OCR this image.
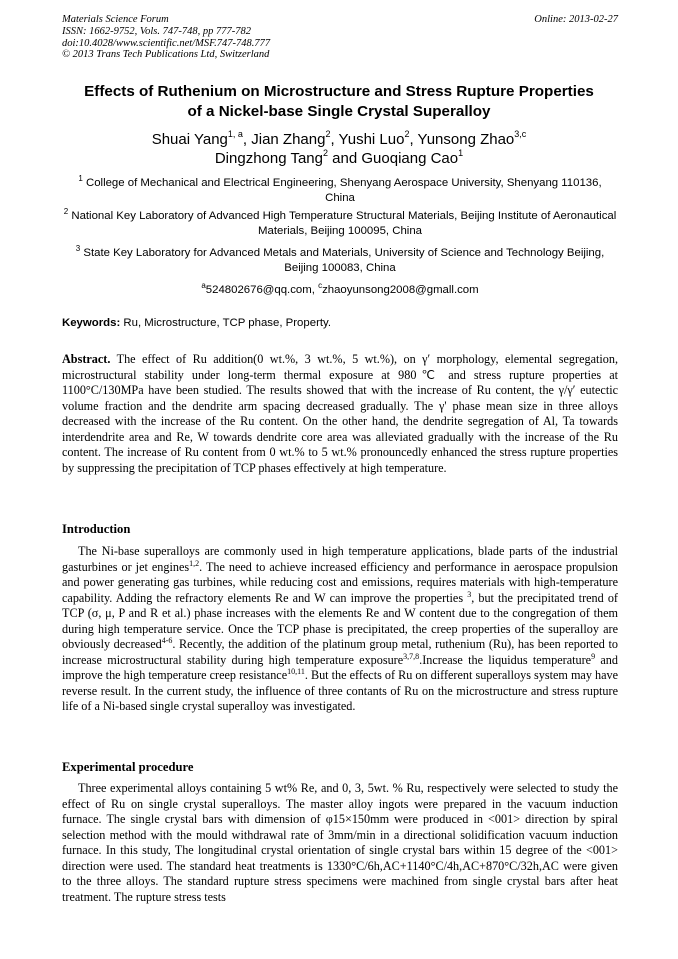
Materials Science Forum
ISSN: 1662-9752, Vols. 747-748, pp 777-782
doi:10.4028/www.scientific.net/MSF.747-748.777
© 2013 Trans Tech Publications Ltd, Switzerland
Online: 2013-02-27
Effects of Ruthenium on Microstructure and Stress Rupture Properties
of a Nickel-base Single Crystal Superalloy
Shuai Yang$^{1, a}$, Jian Zhang$^2$, Yushi Luo$^2$, Yunsong Zhao$^{3,c}$
Dingzhong Tang$^2$ and Guoqiang Cao$^1$
$^1$ College of Mechanical and Electrical Engineering, Shenyang Aerospace University, Shenyang 110136, China
$^2$ National Key Laboratory of Advanced High Temperature Structural Materials, Beijing Institute of Aeronautical Materials, Beijing 100095, China
$^3$ State Key Laboratory for Advanced Metals and Materials, University of Science and Technology Beijing, Beijing 100083, China
$^a$524802676@qq.com, $^c$zhaoyunsong2008@gmall.com
Keywords: Ru, Microstructure, TCP phase, Property.
Abstract. The effect of Ru addition(0 wt.%, 3 wt.%, 5 wt.%), on γ′ morphology, elemental segregation, microstructural stability under long-term thermal exposure at 980℃ and stress rupture properties at 1100°C/130MPa have been studied. The results showed that with the increase of Ru content, the γ/γ′ eutectic volume fraction and the dendrite arm spacing decreased gradually. The γ' phase mean size in three alloys decreased with the increase of the Ru content. On the other hand, the dendrite segregation of Al, Ta towards interdendrite area and Re, W towards dendrite core area was alleviated gradually with the increase of the Ru content. The increase of Ru content from 0 wt.% to 5 wt.% pronouncedly enhanced the stress rupture properties by suppressing the precipitation of TCP phases effectively at high temperature.
Introduction
The Ni-base superalloys are commonly used in high temperature applications, blade parts of the industrial gasturbines or jet engines$^{1,2}$. The need to achieve increased efficiency and performance in aerospace propulsion and power generating gas turbines, while reducing cost and emissions, requires materials with high-temperature capability. Adding the refractory elements Re and W can improve the properties $^3$, but the precipitated trend of TCP (σ, μ, P and R et al.) phase increases with the elements Re and W content due to the congregation of them during high temperature service. Once the TCP phase is precipitated, the creep properties of the superalloy are obviously decreased$^{4-6}$. Recently, the addition of the platinum group metal, ruthenium (Ru), has been reported to increase microstructural stability during high temperature exposure$^{3,7,8}$.Increase the liquidus temperature$^9$ and improve the high temperature creep resistance$^{10,11}$. But the effects of Ru on different superalloys system may have reverse result. In the current study, the influence of three contants of Ru on the microstructure and stress rupture life of a Ni-based single crystal superalloy was investigated.
Experimental procedure
Three experimental alloys containing 5 wt% Re, and 0, 3, 5wt. % Ru, respectively were selected to study the effect of Ru on single crystal superalloys. The master alloy ingots were prepared in the vacuum induction furnace. The single crystal bars with dimension of φ15×150mm were produced in <001> direction by spiral selection method with the mould withdrawal rate of 3mm/min in a directional solidification vacuum induction furnace. In this study, The longitudinal crystal orientation of single crystal bars within 15 degree of the <001> direction were used. The standard heat treatments is 1330°C/6h,AC+1140°C/4h,AC+870°C/32h,AC were given to the three alloys. The standard rupture stress specimens were machined from single crystal bars after heat treatment. The rupture stress tests
